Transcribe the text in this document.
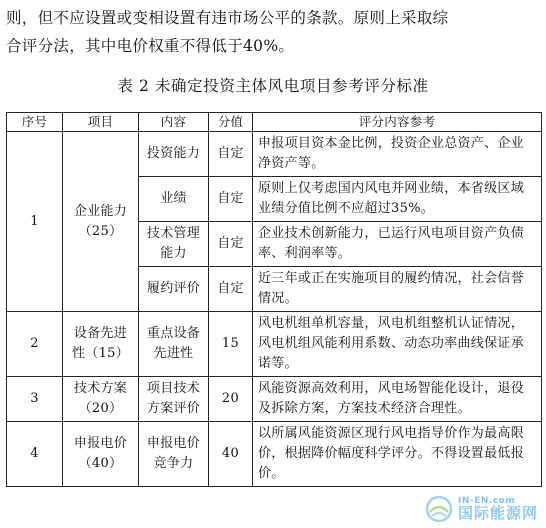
则，但不应设置或变相设置有违市场公平的条款。原则上采取综

合评分法，其中电价权重不得低于40%。

表 2 未确定投资主体风电项目参考评分标准
序号	项目	内容	分值	评分内容参考
1	企业能力（25）	投资能力	自定	申报项目资本金比例，投资企业总资产、企业净资产等。
		业绩	自定	原则上仅考虑国内风电并网业绩，本省级区域业绩分值比例不应超过35%。
		技术管理能力	自定	企业技术创新能力，已运行风电项目资产负债率、利润率等。
		履约评价	自定	近三年或正在实施项目的履约情况，社会信誉情况。
2	设备先进性（15）	重点设备先进性	15	风电机组单机容量，风电机组整机认证情况，风电机组风能利用系数、动态功率曲线保证承诺等。
3	技术方案（20）	项目技术方案评价	20	风能资源高效利用，风电场智能化设计，退役及拆除方案，方案技术经济合理性。
4	申报电价（40）	申报电价竞争力	40	以所属风能资源区现行风电指导价作为最高限价，根据降价幅度科学评分。不得设置最低报价。
IN-EN.com
国际能源网
